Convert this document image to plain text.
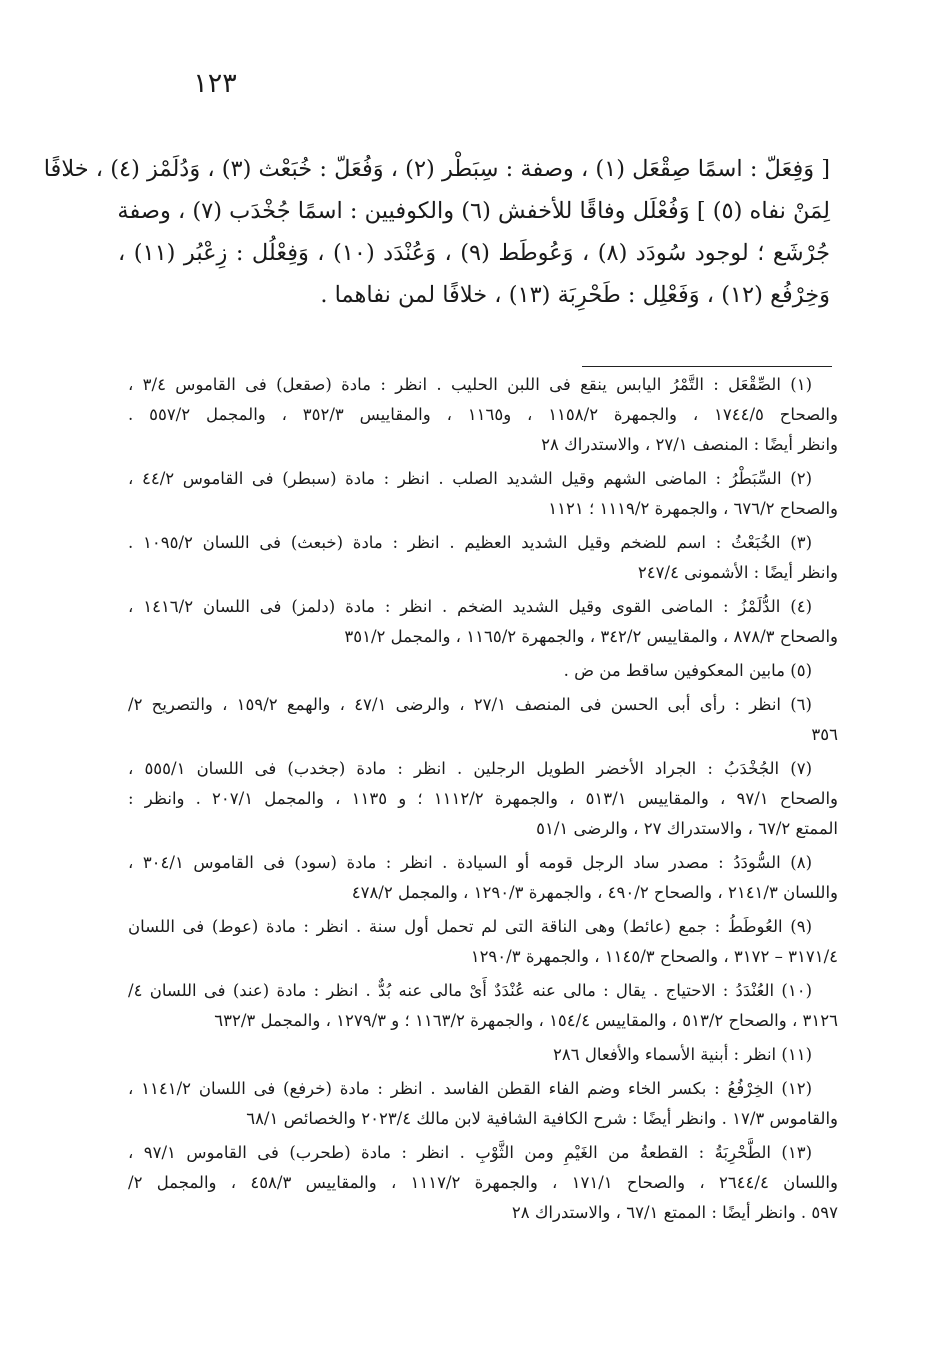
١٢٣
[ وَفِعَلّ : اسمًا صِقْعَل (١) ، وصفة : سِبَطْر (٢) ، وَفُعَلّ : خُبَعْث (٣) ، وَدُلَمْز (٤) ، خلافًا
لِمَنْ نفاه (٥) ] وَفُعْلَل وفاقًا للأخفش (٦) والكوفيين : اسمًا جُخْدَب (٧) ، وصفة
جُرْشَع ؛ لوجود سُودَد (٨) ، وَعُوطَط (٩) ، وَعُنْدَد (١٠) ، وَفِعْلُل : زِعْبُر (١١) ،
وَخِرْفُع (١٢) ، وَفَعْلِل : طَحْرِبَة (١٣) ، خلافًا لمن نفاهما .
(١) الصِّقْعَل : التَّمْرُ اليابس ينقع فى اللبن الحليب . انظر : مادة (صقعل) فى القاموس ٣/٤ ،
والصحاح ١٧٤٤/٥ ، والجمهرة ١١٥٨/٢ ، و١١٦٥ ، والمقاييس ٣٥٢/٣ ، والمجمل ٥٥٧/٢ .
وانظر أيضًا : المنصف ٢٧/١ ، والاستدراك ٢٨
(٢) السِّبَطْرُ : الماضى الشهم وقيل الشديد الصلب . انظر : مادة (سبطر) فى القاموس ٤٤/٢ ،
والصحاح ٦٧٦/٢ ، والجمهرة ١١١٩/٢ ؛ ١١٢١
(٣) الخُبَعْثُ : اسم للضخم وقيل الشديد العظيم . انظر : مادة (خبعث) فى اللسان ١٠٩٥/٢ .
وانظر أيضًا : الأشمونى ٢٤٧/٤
(٤) الدُّلَمْزُ : الماضى القوى وقيل الشديد الضخم . انظر : مادة (دلمز) فى اللسان ١٤١٦/٢ ،
والصحاح ٨٧٨/٣ ، والمقاييس ٣٤٢/٢ ، والجمهرة ١١٦٥/٢ ، والمجمل ٣٥١/٢
(٥) مابين المعكوفين ساقط من ض .
(٦) انظر : رأى أبى الحسن فى المنصف ٢٧/١ ، والرضى ٤٧/١ ، والهمع ١٥٩/٢ ، والتصريح ٢/
٣٥٦
(٧) الجُخْدَبُ : الجراد الأخضر الطويل الرجلين . انظر : مادة (جخدب) فى اللسان ٥٥٥/١ ،
والصحاح ٩٧/١ ، والمقاييس ٥١٣/١ ، والجمهرة ١١١٢/٢ ؛ و ١١٣٥ ، والمجمل ٢٠٧/١ . وانظر :
الممتع ٦٧/٢ ، والاستدراك ٢٧ ، والرضى ٥١/١
(٨) السُّودَدُ : مصدر ساد الرجل قومه أو السيادة . انظر : مادة (سود) فى القاموس ٣٠٤/١ ،
واللسان ٢١٤١/٣ ، والصحاح ٤٩٠/٢ ، والجمهرة ١٢٩٠/٣ ، والمجمل ٤٧٨/٢
(٩) العُوطَطُ : جمع (عائط) وهى الناقة التى لم تحمل أول سنة . انظر : مادة (عوط) فى اللسان
٣١٧١/٤ – ٣١٧٢ ، والصحاح ١١٤٥/٣ ، والجمهرة ١٢٩٠/٣
(١٠) العُنْدَدُ : الاحتياج . يقال : مالى عنه عُنْدَدٌ أَىْ مالى عنه بُدٌّ . انظر : مادة (عند) فى اللسان ٤/
٣١٢٦ ، والصحاح ٥١٣/٢ ، والمقاييس ١٥٤/٤ ، والجمهرة ١١٦٣/٢ ؛ و ١٢٧٩/٣ ، والمجمل ٦٣٢/٣
(١١) انظر : أبنية الأسماء والأفعال ٢٨٦
(١٢) الخِرْفُعُ : بكسر الخاء وضم الفاء القطن الفاسد . انظر : مادة (خرفع) فى اللسان ١١٤١/٢ ،
والقاموس ١٧/٣ . وانظر أيضًا : شرح الكافية الشافية لابن مالك ٢٠٢٣/٤ والخصائص ٦٨/١
(١٣) الطَّحْرِبَةُ : القطعةُ من الغَيْمِ ومن الثَّوْبِ . انظر : مادة (طحرب) فى القاموس ٩٧/١ ،
واللسان ٢٦٤٤/٤ ، والصحاح ١٧١/١ ، والجمهرة ١١١٧/٢ ، والمقاييس ٤٥٨/٣ ، والمجمل ٢/
٥٩٧ . وانظر أيضًا : الممتع ٦٧/١ ، والاستدراك ٢٨
